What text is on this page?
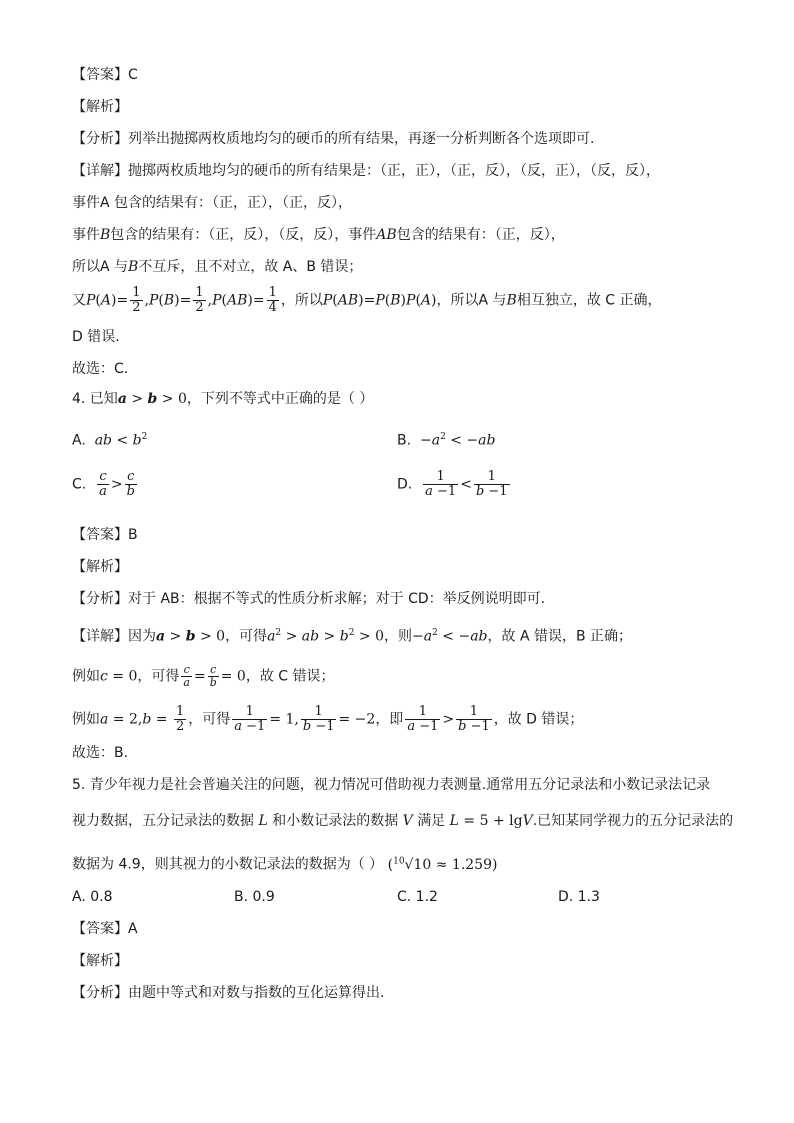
【答案】C
【解析】
【分析】列举出抛掷两枚质地均匀的硬币的所有结果，再逐一分析判断各个选项即可.
【详解】抛掷两枚质地均匀的硬币的所有结果是：（正，正），（正，反），（反，正），（反，反），
事件A 包含的结果有：（正，正），（正，反），
事件B包含的结果有：（正，反），（反，反），事件AB包含的结果有：（正，反），
所以A 与B不互斥，且不对立，故 A、B 错误；
又$P(A)= \frac{1}{2} ,P(B)= \frac{1}{2} ,P(AB)= \frac{1}{4}$ ，所以P(AB)=P(B)P(A)，所以A 与B相互独立，故 C 正确，
D 错误.
故选：C.
4. 已知a > b > 0，下列不等式中正确的是（ ）
A. ab < $b^2$	B. $-a^2 < -ab$
C. $\frac{c}{a} > \frac{c}{b}$	D. $\frac{1}{a -1} < \frac{1}{b -1}$
【答案】B
【解析】
【分析】对于 AB：根据不等式的性质分析求解；对于 CD：举反例说明即可.
【详解】因为a > b > 0，可得$a^2$ > ab > $b^2 > 0$，则$-a^2 < -ab$，故 A 错误，B 正确；
例如c = 0，可得 $\frac{c}{a} = \frac{c}{b} = 0$，故 C 错误；
例如$a = 2,b = \frac{1}{2}$ ，可得 $\frac{1}{a -1} = 1$, $\frac{1}{b -1} = -2$，即 $\frac{1}{a -1} > \frac{1}{b -1}$ ，故 D 错误；
故选：B.
5. 青少年视力是社会普遍关注的问题，视力情况可借助视力表测量.通常用五分记录法和小数记录法记录
视力数据，五分记录法的数据 L 和小数记录法的数据 V 满足 L = 5 + lgV.已知某同学视力的五分记录法的
数据为 4.9，则其视力的小数记录法的数据为（ ） ($^{10}$√10 ≈ 1.259)
A. 0.8	B. 0.9	C. 1.2	D. 1.3
【答案】A
【解析】
【分析】由题中等式和对数与指数的互化运算得出.
